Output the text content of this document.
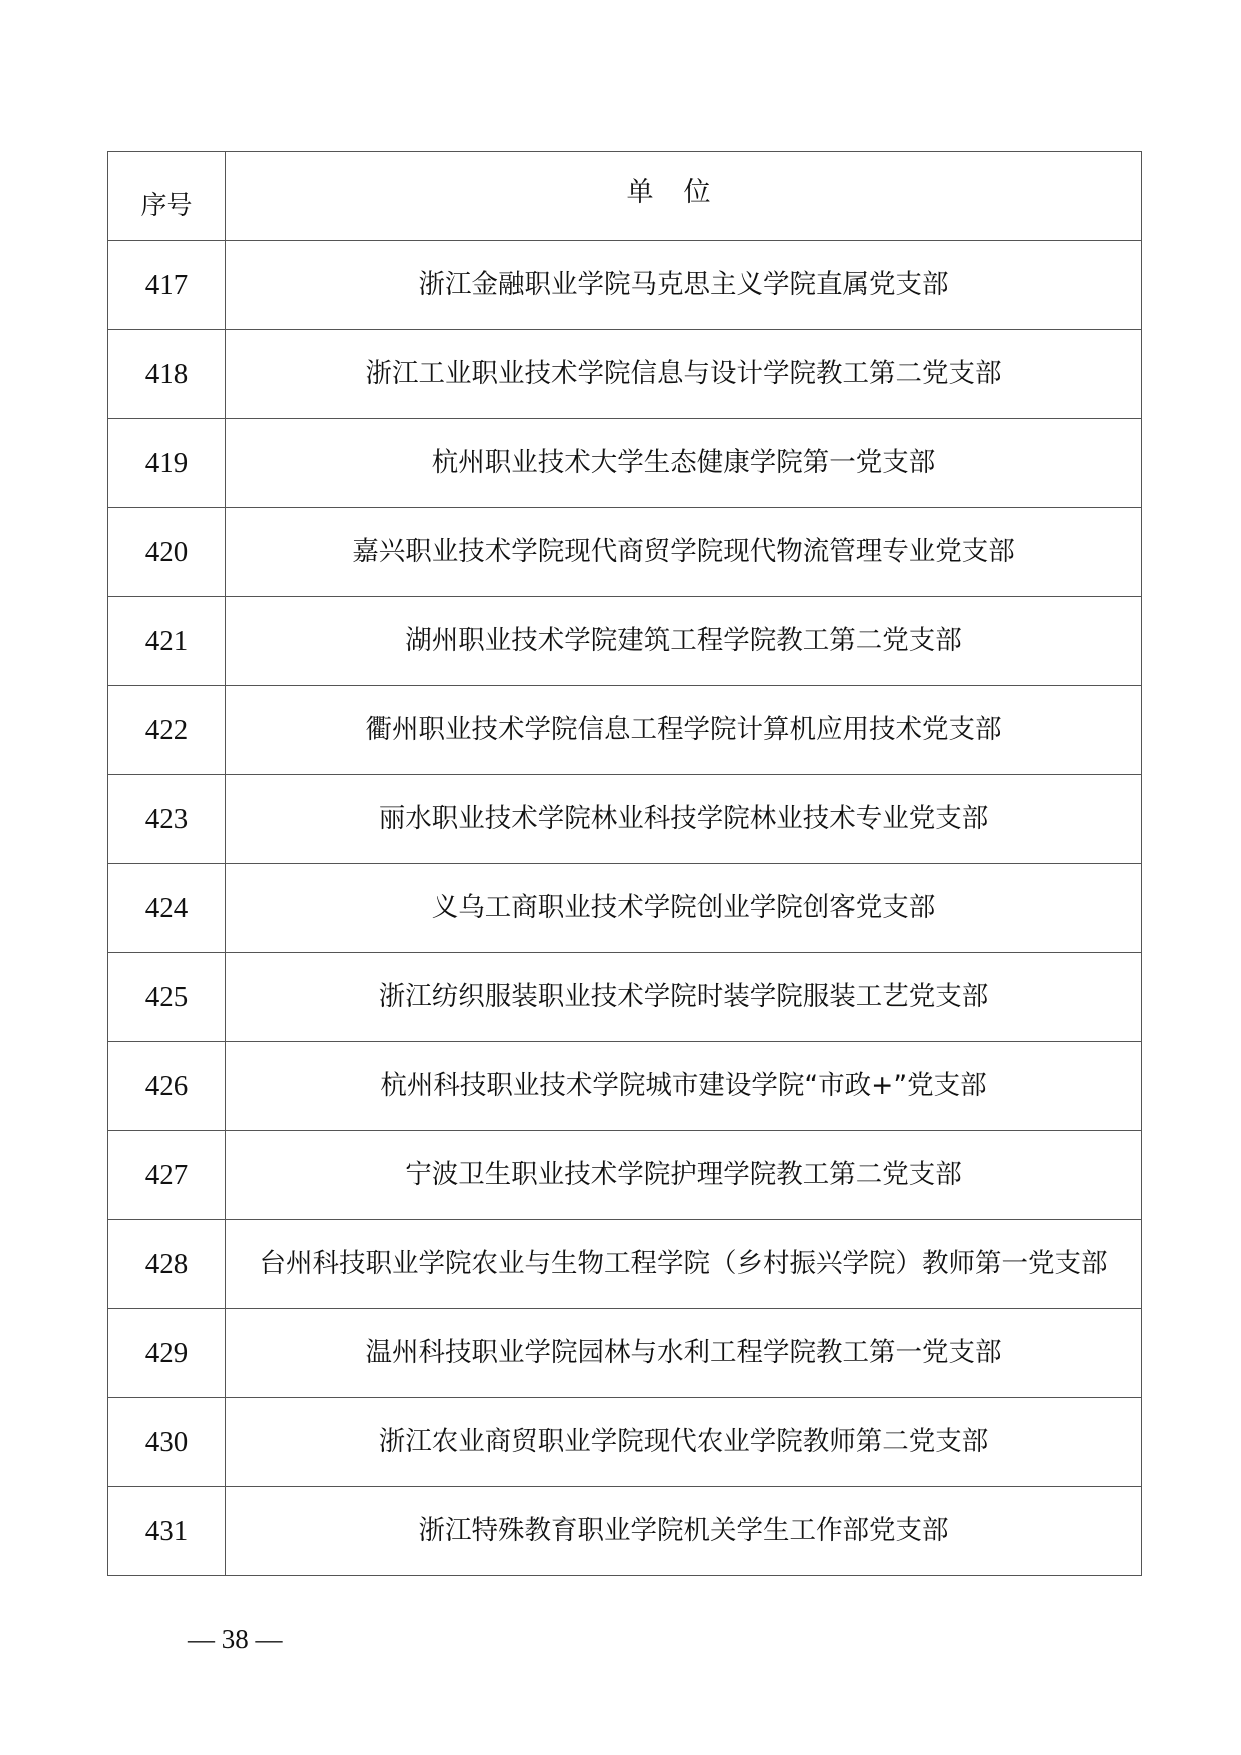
序号	单位
417	浙江金融职业学院马克思主义学院直属党支部
418	浙江工业职业技术学院信息与设计学院教工第二党支部
419	杭州职业技术大学生态健康学院第一党支部
420	嘉兴职业技术学院现代商贸学院现代物流管理专业党支部
421	湖州职业技术学院建筑工程学院教工第二党支部
422	衢州职业技术学院信息工程学院计算机应用技术党支部
423	丽水职业技术学院林业科技学院林业技术专业党支部
424	义乌工商职业技术学院创业学院创客党支部
425	浙江纺织服装职业技术学院时装学院服装工艺党支部
426	杭州科技职业技术学院城市建设学院“市政+”党支部
427	宁波卫生职业技术学院护理学院教工第二党支部
428	台州科技职业学院农业与生物工程学院（乡村振兴学院）教师第一党支部
429	温州科技职业学院园林与水利工程学院教工第一党支部
430	浙江农业商贸职业学院现代农业学院教师第二党支部
431	浙江特殊教育职业学院机关学生工作部党支部
— 38 —
